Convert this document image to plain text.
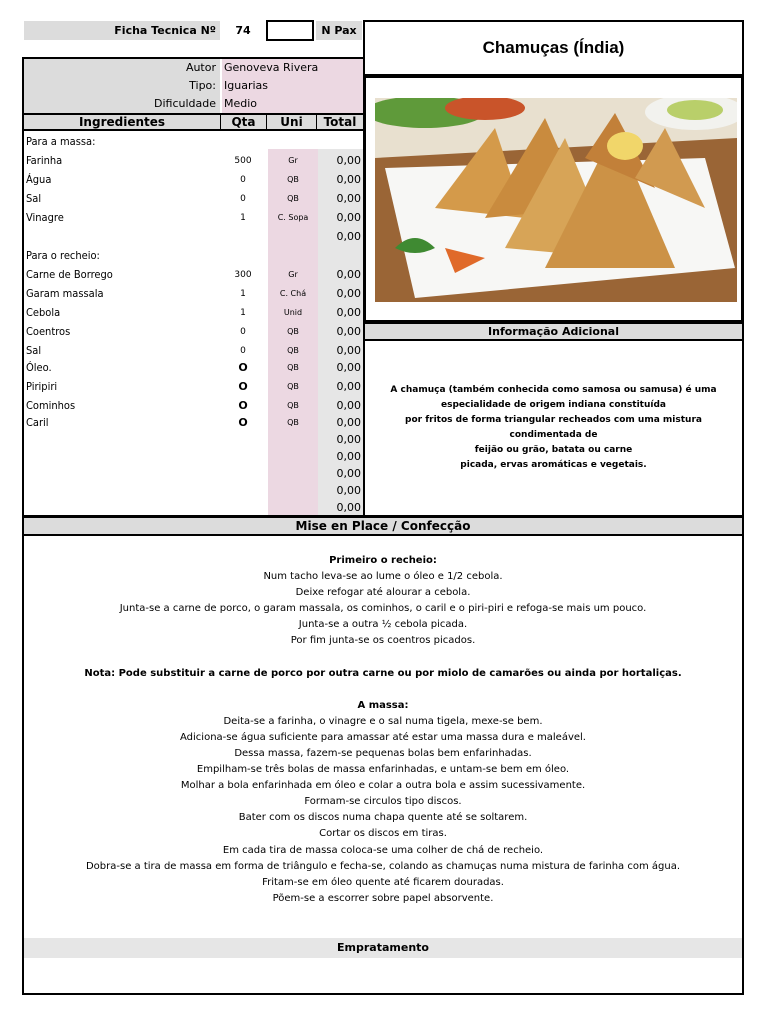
Ficha Tecnica Nº	74	N Pax
Chamuças (Índia)
Autor Genoveva Rivera
Tipo: Iguarias
Dificuldade Medio
Ingredientes	Qta	Uni	Total
Para a massa:
Farinha	500	Gr	0,00
Água	0	QB	0,00
Sal	0	QB	0,00
Vinagre	1	C. Sopa	0,00
0,00
Para o recheio:
Carne de Borrego	300	Gr	0,00
Garam massala	1	C. Chá	0,00
Cebola	1	Unid	0,00
Coentros	0	QB	0,00
Sal	0	QB	0,00
Óleo.	O	QB	0,00
Piripiri	O	QB	0,00
Cominhos	O	QB	0,00
Caril	O	QB	0,00
0,00
0,00
0,00
0,00
0,00
Informação Adicional
A chamuça (também conhecida como samosa ou samusa) é uma
especialidade de origem indiana constituída
por fritos de forma triangular recheados com uma mistura condimentada de
feijão ou grão, batata ou carne
picada, ervas aromáticas e vegetais.
Mise en Place / Confecção
Primeiro o recheio:
Num tacho leva-se ao lume o óleo e 1/2 cebola.
Deixe refogar até alourar a cebola.
Junta-se a carne de porco, o garam massala, os cominhos, o caril e o piri-piri e refoga-se mais um pouco.
Junta-se a outra ½ cebola picada.
Por fim junta-se os coentros picados.
Nota: Pode substituir a carne de porco por outra carne ou por miolo de camarões ou ainda por hortaliças.
A massa:
Deita-se a farinha, o vinagre e o sal numa tigela, mexe-se bem.
Adiciona-se água suficiente para amassar até estar uma massa dura e maleável.
Dessa massa, fazem-se pequenas bolas bem enfarinhadas.
Empilham-se três bolas de massa enfarinhadas, e untam-se bem em óleo.
Molhar a bola enfarinhada em óleo e colar a outra bola e assim sucessivamente.
Formam-se circulos tipo discos.
Bater com os discos numa chapa quente até se soltarem.
Cortar os discos em tiras.
Em cada tira de massa coloca-se uma colher de chá de recheio.
Dobra-se a tira de massa em forma de triângulo e fecha-se, colando as chamuças numa mistura de farinha com água.
Fritam-se em óleo quente até ficarem douradas.
Põem-se a escorrer sobre papel absorvente.
Empratamento
